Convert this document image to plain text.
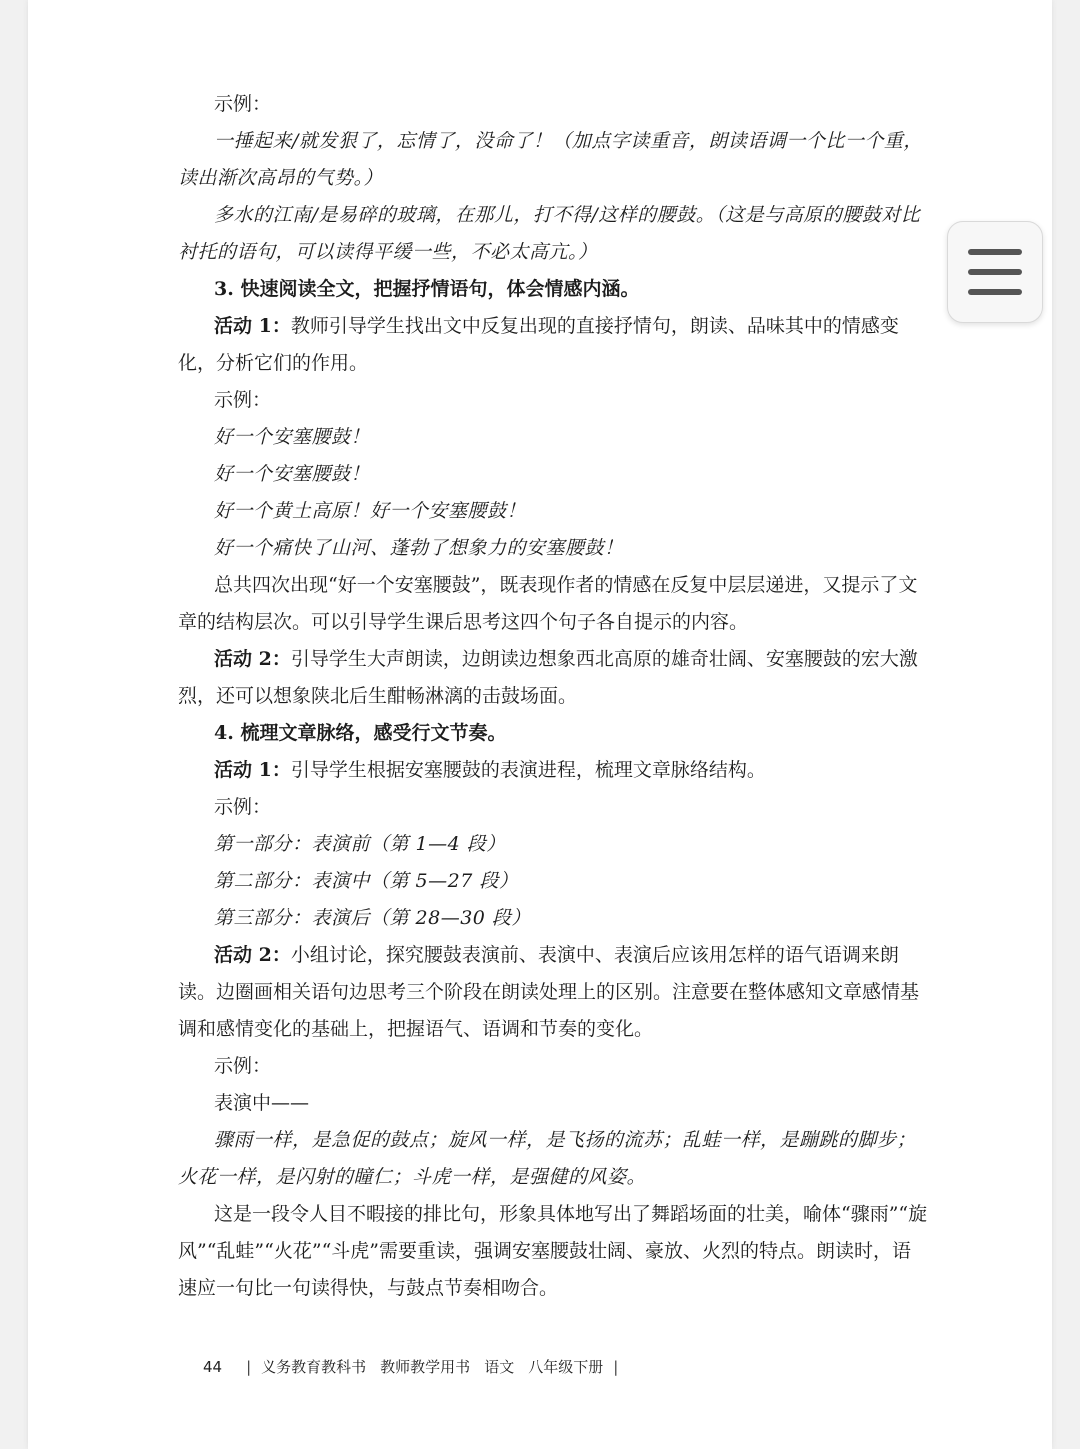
示例：

一捶起来/就发狠了，忘情了，没命了！（加点字读重音，朗读语调一个比一个重，读出渐次高昂的气势。）

多水的江南/是易碎的玻璃，在那儿，打不得/这样的腰鼓。（这是与高原的腰鼓对比衬托的语句，可以读得平缓一些，不必太高亢。）

3. 快速阅读全文，把握抒情语句，体会情感内涵。

活动 1：教师引导学生找出文中反复出现的直接抒情句，朗读、品味其中的情感变化，分析它们的作用。

示例：

好一个安塞腰鼓！

好一个安塞腰鼓！

好一个黄土高原！好一个安塞腰鼓！

好一个痛快了山河、蓬勃了想象力的安塞腰鼓！

总共四次出现“好一个安塞腰鼓”，既表现作者的情感在反复中层层递进，又提示了文章的结构层次。可以引导学生课后思考这四个句子各自提示的内容。

活动 2：引导学生大声朗读，边朗读边想象西北高原的雄奇壮阔、安塞腰鼓的宏大激烈，还可以想象陕北后生酣畅淋漓的击鼓场面。

4. 梳理文章脉络，感受行文节奏。

活动 1：引导学生根据安塞腰鼓的表演进程，梳理文章脉络结构。

示例：

第一部分：表演前（第 1—4 段）

第二部分：表演中（第 5—27 段）

第三部分：表演后（第 28—30 段）

活动 2：小组讨论，探究腰鼓表演前、表演中、表演后应该用怎样的语气语调来朗读。边圈画相关语句边思考三个阶段在朗读处理上的区别。注意要在整体感知文章感情基调和感情变化的基础上，把握语气、语调和节奏的变化。

示例：

表演中——

骤雨一样，是急促的鼓点；旋风一样，是飞扬的流苏；乱蛙一样，是蹦跳的脚步；火花一样，是闪射的瞳仁；斗虎一样，是强健的风姿。

这是一段令人目不暇接的排比句，形象具体地写出了舞蹈场面的壮美，喻体“骤雨”“旋风”“乱蛙”“火花”“斗虎”需要重读，强调安塞腰鼓壮阔、豪放、火烈的特点。朗读时，语速应一句比一句读得快，与鼓点节奏相吻合。

44 | 义务教育教科书 教师教学用书 语文 八年级下册 |
